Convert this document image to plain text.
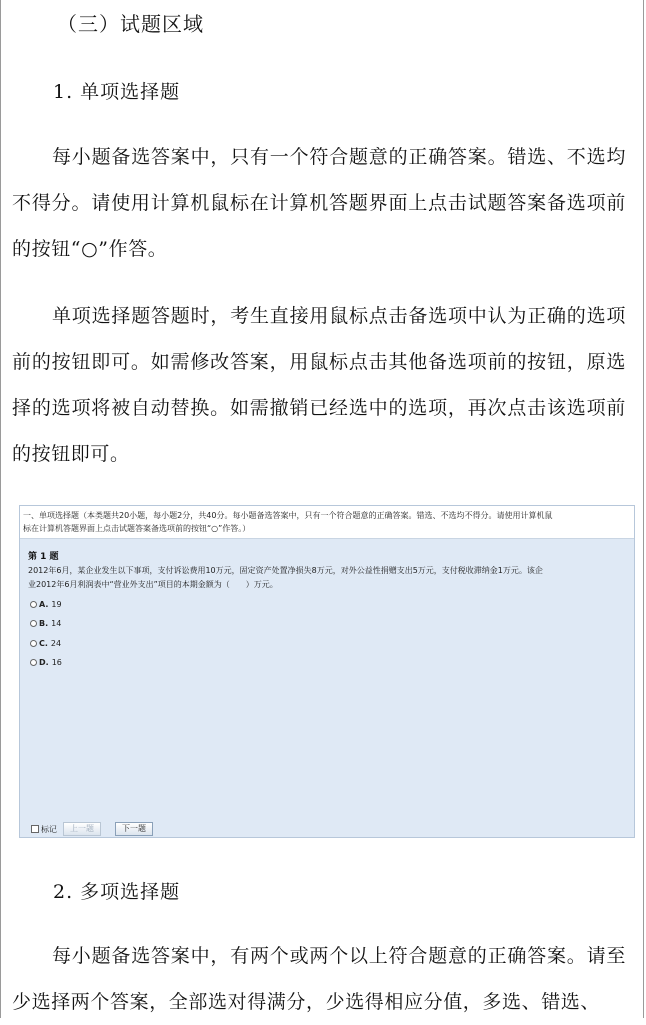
（三）试题区域
1. 单项选择题
每小题备选答案中，只有一个符合题意的正确答案。错选、不选均不得分。请使用计算机鼠标在计算机答题界面上点击试题答案备选项前的按钮“○”作答。
单项选择题答题时，考生直接用鼠标点击备选项中认为正确的选项前的按钮即可。如需修改答案，用鼠标点击其他备选项前的按钮，原选择的选项将被自动替换。如需撤销已经选中的选项，再次点击该选项前的按钮即可。
一、单项选择题（本类题共20小题，每小题2分，共40分。每小题备选答案中，只有一个符合题意的正确答案。错选、不选均不得分。请使用计算机鼠
标在计算机答题界面上点击试题答案备选项前的按钮“○”作答。）
第 1 题
2012年6月，某企业发生以下事项，支付诉讼费用10万元，固定资产处置净损失8万元，对外公益性捐赠支出5万元，支付税收滞纳金1万元。该企
业2012年6月利润表中“营业外支出”项目的本期金额为（　　）万元。
A. 19
B. 14
C. 24
D. 16
标记	上一题	下一题
2. 多项选择题
每小题备选答案中，有两个或两个以上符合题意的正确答案。请至少选择两个答案，全部选对得满分，少选得相应分值，多选、错选、
